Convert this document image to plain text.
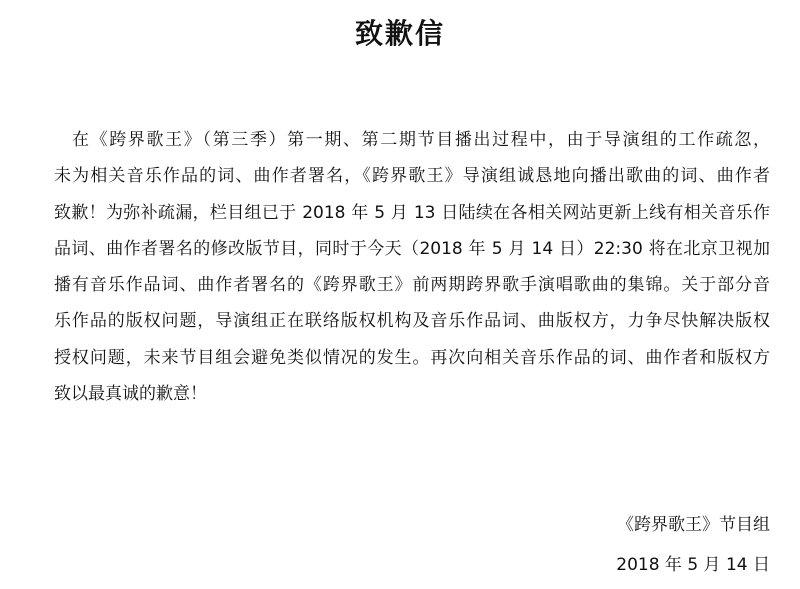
致歉信
在《跨界歌王》（第三季）第一期、第二期节目播出过程中，由于导演组的工作疏忽，
未为相关音乐作品的词、曲作者署名，《跨界歌王》导演组诚恳地向播出歌曲的词、曲作者
致歉！为弥补疏漏，栏目组已于 2018 年 5 月 13 日陆续在各相关网站更新上线有相关音乐作
品词、曲作者署名的修改版节目，同时于今天（2018 年 5 月 14 日）22:30 将在北京卫视加
播有音乐作品词、曲作者署名的《跨界歌王》前两期跨界歌手演唱歌曲的集锦。关于部分音
乐作品的版权问题，导演组正在联络版权机构及音乐作品词、曲版权方，力争尽快解决版权
授权问题，未来节目组会避免类似情况的发生。再次向相关音乐作品的词、曲作者和版权方
致以最真诚的歉意！
《跨界歌王》节目组
2018 年 5 月 14 日
